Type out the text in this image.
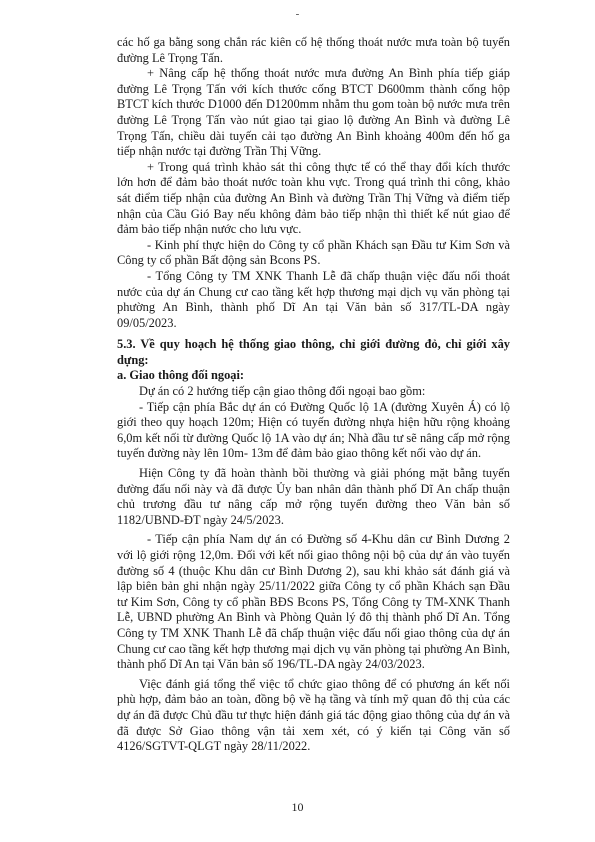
-

các hố ga bằng song chắn rác kiên cố hệ thống thoát nước mưa toàn bộ tuyến đường Lê Trọng Tấn.

+ Nâng cấp hệ thống thoát nước mưa đường An Bình phía tiếp giáp đường Lê Trọng Tấn với kích thước cống BTCT D600mm thành cống hộp BTCT kích thước D1000 đến D1200mm nhằm thu gom toàn bộ nước mưa trên đường Lê Trọng Tấn vào nút giao tại giao lộ đường An Bình và đường Lê Trọng Tấn, chiều dài tuyến cải tạo đường An Bình khoảng 400m đến hố ga tiếp nhận nước tại đường Trần Thị Vững.

+ Trong quá trình khảo sát thi công thực tế có thể thay đổi kích thước lớn hơn để đảm bảo thoát nước toàn khu vực. Trong quá trình thi công, khảo sát điểm tiếp nhận của đường An Bình và đường Trần Thị Vững và điểm tiếp nhận của Cầu Gió Bay nếu không đảm bảo tiếp nhận thì thiết kế nút giao để đảm bảo tiếp nhận nước cho lưu vực.

- Kinh phí thực hiện do Công ty cổ phần Khách sạn Đầu tư Kim Sơn và Công ty cổ phần Bất động sản Bcons PS.

- Tổng Công ty TM XNK Thanh Lễ đã chấp thuận việc đấu nối thoát nước của dự án Chung cư cao tầng kết hợp thương mại dịch vụ văn phòng tại phường An Bình, thành phố Dĩ An tại Văn bản số 317/TL-DA ngày 09/05/2023.

5.3. Về quy hoạch hệ thống giao thông, chỉ giới đường đỏ, chỉ giới xây dựng:

a. Giao thông đối ngoại:

Dự án có 2 hướng tiếp cận giao thông đối ngoại bao gồm:

- Tiếp cận phía Bắc dự án có Đường Quốc lộ 1A (đường Xuyên Á) có lộ giới theo quy hoạch 120m; Hiện có tuyến đường nhựa hiện hữu rộng khoảng 6,0m kết nối từ đường Quốc lộ 1A vào dự án; Nhà đầu tư sẽ nâng cấp mở rộng tuyến đường này lên 10m- 13m để đảm bảo giao thông kết nối vào dự án.

Hiện Công ty đã hoàn thành bồi thường và giải phóng mặt bằng tuyến đường đấu nối này và đã được Ủy ban nhân dân thành phố Dĩ An chấp thuận chủ trương đầu tư nâng cấp mở rộng tuyến đường theo Văn bản số 1182/UBND-ĐT ngày 24/5/2023.

- Tiếp cận phía Nam dự án có Đường số 4-Khu dân cư Bình Dương 2 với lộ giới rộng 12,0m. Đối với kết nối giao thông nội bộ của dự án vào tuyến đường số 4 (thuộc Khu dân cư Bình Dương 2), sau khi khảo sát đánh giá và lập biên bản ghi nhận ngày 25/11/2022 giữa Công ty cổ phần Khách sạn Đầu tư Kim Sơn, Công ty cổ phần BĐS Bcons PS, Tổng Công ty TM-XNK Thanh Lễ, UBND phường An Bình và Phòng Quản lý đô thị thành phố Dĩ An. Tổng Công ty TM XNK Thanh Lễ đã chấp thuận việc đấu nối giao thông của dự án Chung cư cao tầng kết hợp thương mại dịch vụ văn phòng tại phường An Bình, thành phố Dĩ An tại Văn bản số 196/TL-DA ngày 24/03/2023.

Việc đánh giá tổng thể việc tổ chức giao thông để có phương án kết nối phù hợp, đảm bảo an toàn, đồng bộ về hạ tầng và tính mỹ quan đô thị của các dự án đã được Chủ đầu tư thực hiện đánh giá tác động giao thông của dự án và đã được Sở Giao thông vận tải xem xét, có ý kiến tại Công văn số 4126/SGTVT-QLGT ngày 28/11/2022.

10
